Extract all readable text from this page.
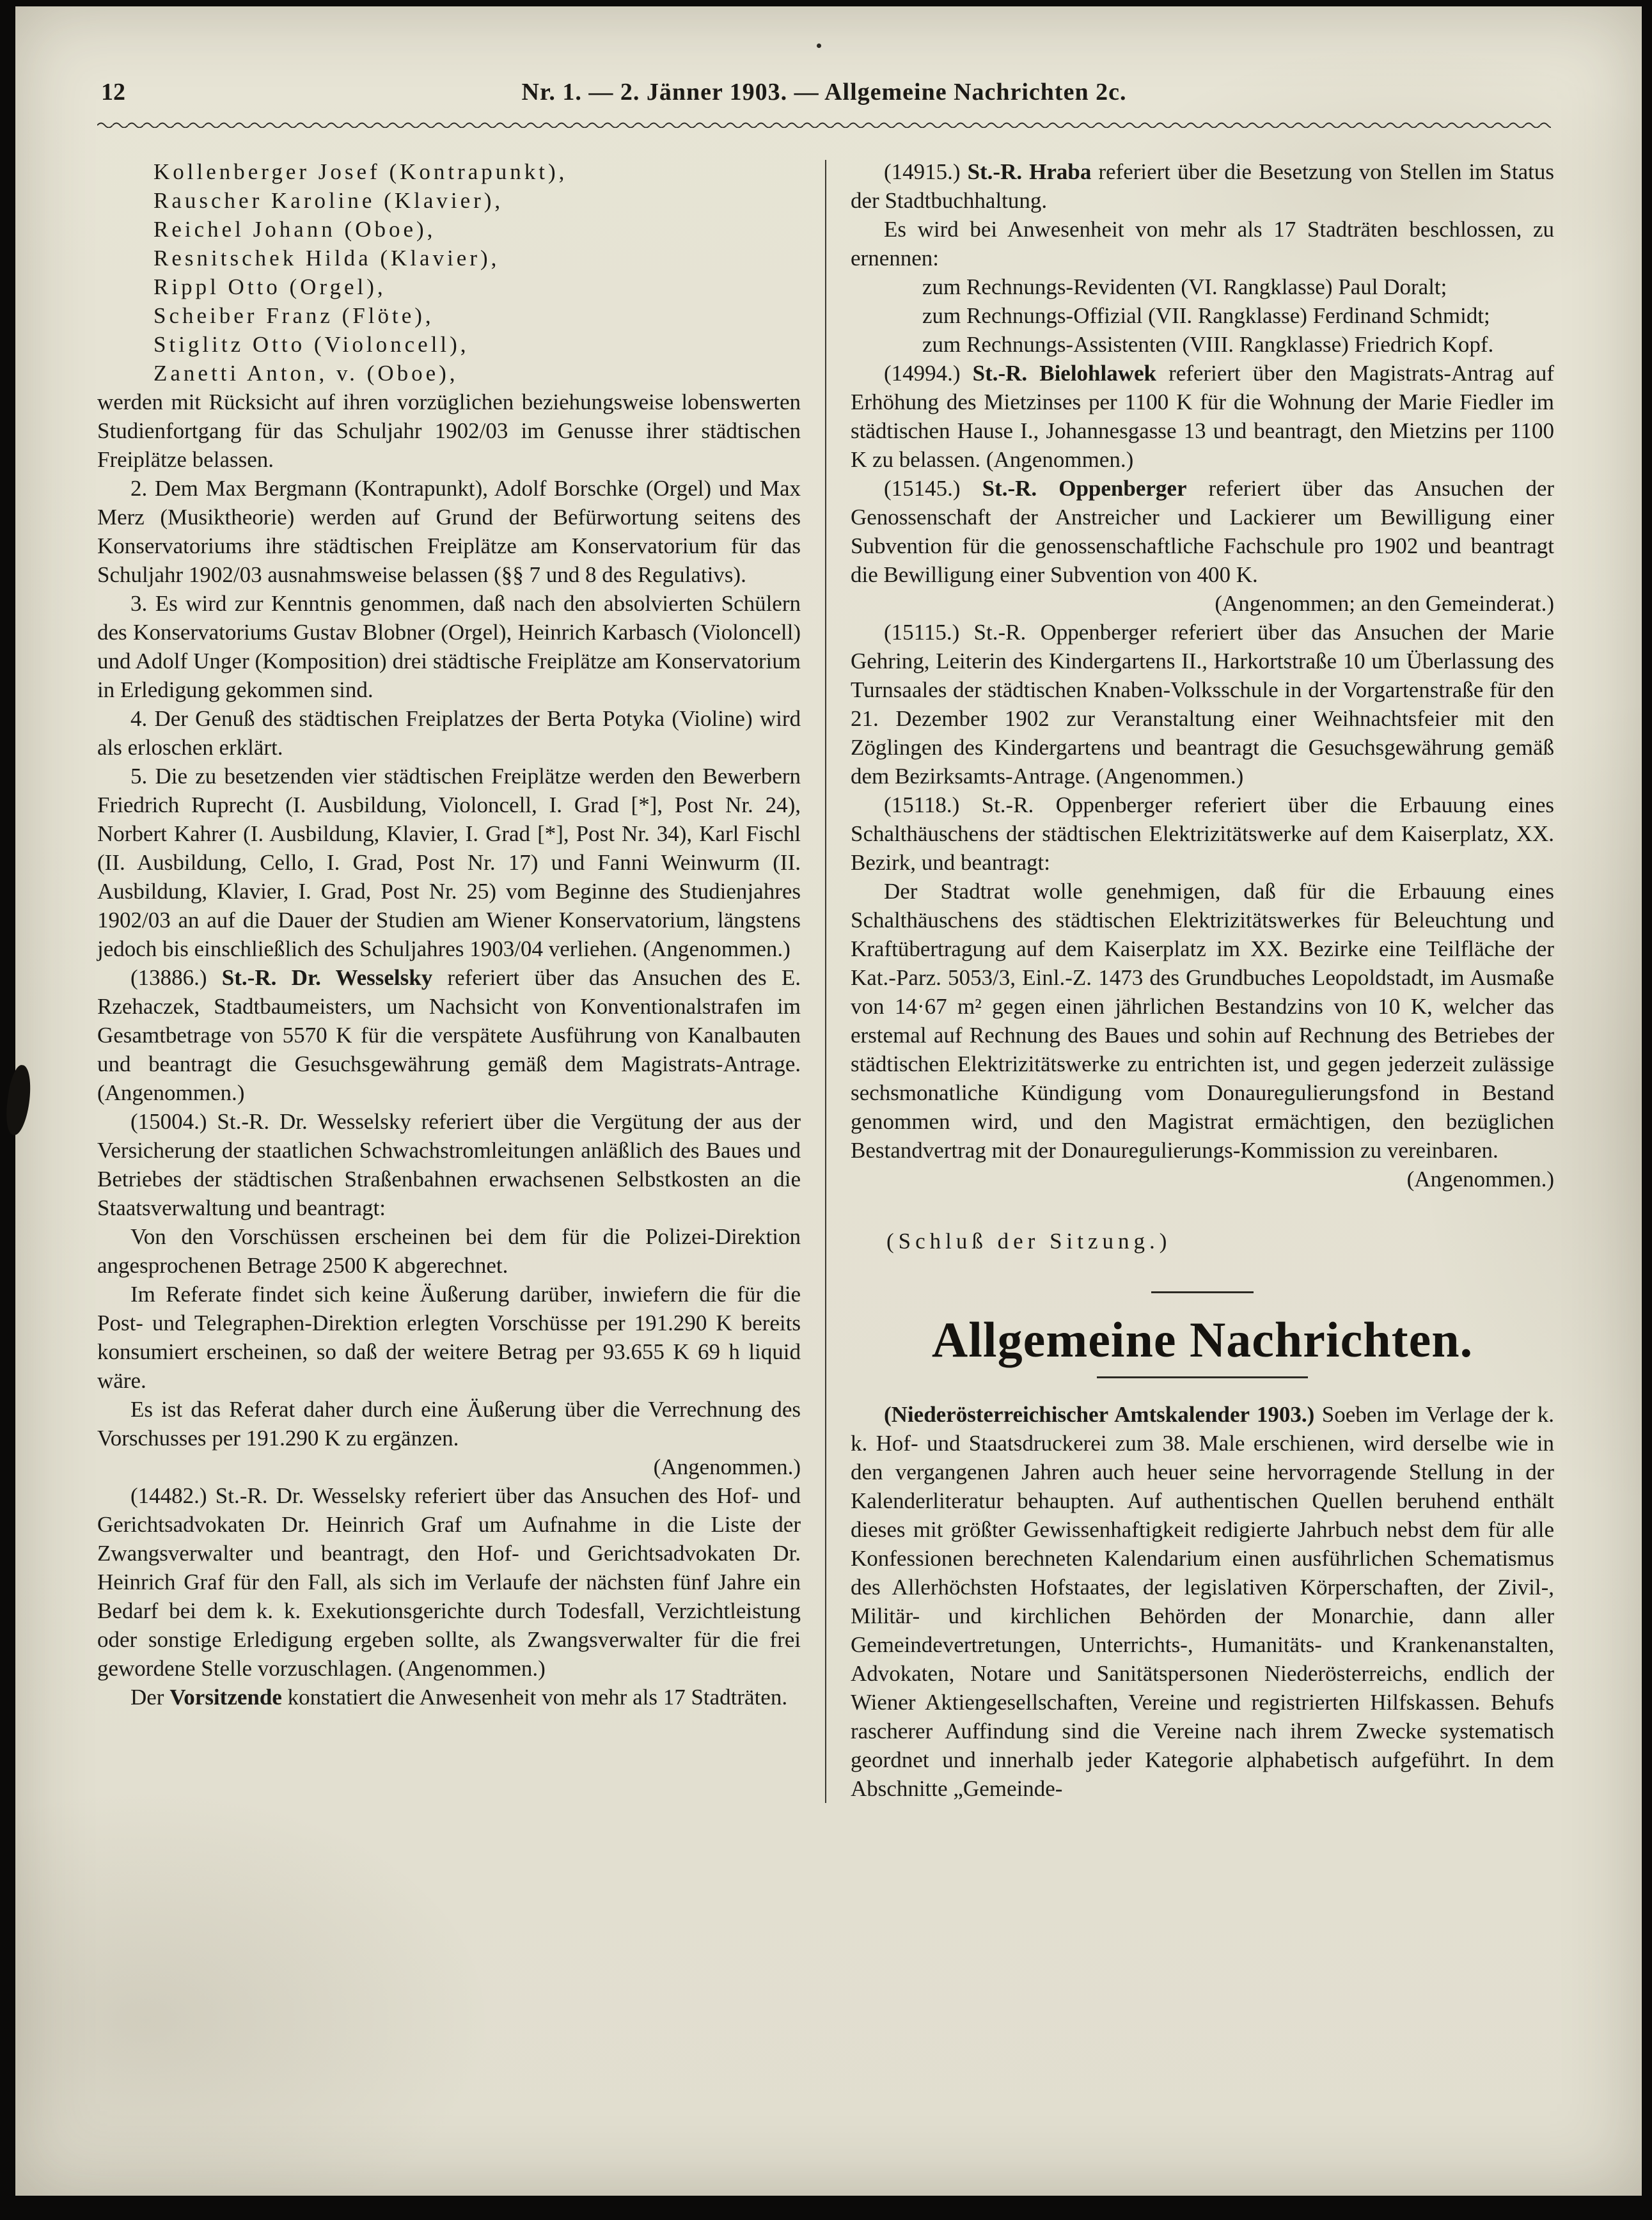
12	Nr. 1. — 2. Jänner 1903. — Allgemeine Nachrichten 2c.

Kollenberger Josef (Kontrapunkt),

Rauscher Karoline (Klavier),

Reichel Johann (Oboe),

Resnitschek Hilda (Klavier),

Rippl Otto (Orgel),

Scheiber Franz (Flöte),

Stiglitz Otto (Violoncell),

Zanetti Anton, v. (Oboe),

werden mit Rücksicht auf ihren vorzüglichen beziehungsweise lobenswerten Studienfortgang für das Schuljahr 1902/03 im Genusse ihrer städtischen Freiplätze belassen.

2. Dem Max Bergmann (Kontrapunkt), Adolf Borschke (Orgel) und Max Merz (Musiktheorie) werden auf Grund der Befürwortung seitens des Konservatoriums ihre städtischen Freiplätze am Konservatorium für das Schuljahr 1902/03 ausnahmsweise belassen (§§ 7 und 8 des Regulativs).

3. Es wird zur Kenntnis genommen, daß nach den absolvierten Schülern des Konservatoriums Gustav Blobner (Orgel), Heinrich Karbasch (Violoncell) und Adolf Unger (Komposition) drei städtische Freiplätze am Konservatorium in Erledigung gekommen sind.

4. Der Genuß des städtischen Freiplatzes der Berta Potyka (Violine) wird als erloschen erklärt.

5. Die zu besetzenden vier städtischen Freiplätze werden den Bewerbern Friedrich Ruprecht (I. Ausbildung, Violoncell, I. Grad [*], Post Nr. 24), Norbert Kahrer (I. Ausbildung, Klavier, I. Grad [*], Post Nr. 34), Karl Fischl (II. Ausbildung, Cello, I. Grad, Post Nr. 17) und Fanni Weinwurm (II. Ausbildung, Klavier, I. Grad, Post Nr. 25) vom Beginne des Studienjahres 1902/03 an auf die Dauer der Studien am Wiener Konservatorium, längstens jedoch bis einschließlich des Schuljahres 1903/04 verliehen. (Angenommen.)

(13886.) St.-R. Dr. Wesselsky referiert über das Ansuchen des E. Rzehaczek, Stadtbaumeisters, um Nachsicht von Konventionalstrafen im Gesamtbetrage von 5570 K für die verspätete Ausführung von Kanalbauten und beantragt die Gesuchsgewährung gemäß dem Magistrats-Antrage. (Angenommen.)

(15004.) St.-R. Dr. Wesselsky referiert über die Vergütung der aus der Versicherung der staatlichen Schwachstromleitungen anläßlich des Baues und Betriebes der städtischen Straßenbahnen erwachsenen Selbstkosten an die Staatsverwaltung und beantragt:

Von den Vorschüssen erscheinen bei dem für die Polizei-Direktion angesprochenen Betrage 2500 K abgerechnet.

Im Referate findet sich keine Äußerung darüber, inwiefern die für die Post- und Telegraphen-Direktion erlegten Vorschüsse per 191.290 K bereits konsumiert erscheinen, so daß der weitere Betrag per 93.655 K 69 h liquid wäre.

Es ist das Referat daher durch eine Äußerung über die Verrechnung des Vorschusses per 191.290 K zu ergänzen.

(Angenommen.)

(14482.) St.-R. Dr. Wesselsky referiert über das Ansuchen des Hof- und Gerichtsadvokaten Dr. Heinrich Graf um Aufnahme in die Liste der Zwangsverwalter und beantragt, den Hof- und Gerichtsadvokaten Dr. Heinrich Graf für den Fall, als sich im Verlaufe der nächsten fünf Jahre ein Bedarf bei dem k. k. Exekutionsgerichte durch Todesfall, Verzichtleistung oder sonstige Erledigung ergeben sollte, als Zwangsverwalter für die frei gewordene Stelle vorzuschlagen. (Angenommen.)

Der Vorsitzende konstatiert die Anwesenheit von mehr als 17 Stadträten.

(14915.) St.-R. Hraba referiert über die Besetzung von Stellen im Status der Stadtbuchhaltung.

Es wird bei Anwesenheit von mehr als 17 Stadträten beschlossen, zu ernennen:

zum Rechnungs-Revidenten (VI. Rangklasse) Paul Doralt;

zum Rechnungs-Offizial (VII. Rangklasse) Ferdinand Schmidt;

zum Rechnungs-Assistenten (VIII. Rangklasse) Friedrich Kopf.

(14994.) St.-R. Bielohlawek referiert über den Magistrats-Antrag auf Erhöhung des Mietzinses per 1100 K für die Wohnung der Marie Fiedler im städtischen Hause I., Johannesgasse 13 und beantragt, den Mietzins per 1100 K zu belassen. (Angenommen.)

(15145.) St.-R. Oppenberger referiert über das Ansuchen der Genossenschaft der Anstreicher und Lackierer um Bewilligung einer Subvention für die genossenschaftliche Fachschule pro 1902 und beantragt die Bewilligung einer Subvention von 400 K.

(Angenommen; an den Gemeinderat.)

(15115.) St.-R. Oppenberger referiert über das Ansuchen der Marie Gehring, Leiterin des Kindergartens II., Harkortstraße 10 um Überlassung des Turnsaales der städtischen Knaben-Volksschule in der Vorgartenstraße für den 21. Dezember 1902 zur Veranstaltung einer Weihnachtsfeier mit den Zöglingen des Kindergartens und beantragt die Gesuchsgewährung gemäß dem Bezirksamts-Antrage. (Angenommen.)

(15118.) St.-R. Oppenberger referiert über die Erbauung eines Schalthäuschens der städtischen Elektrizitätswerke auf dem Kaiserplatz, XX. Bezirk, und beantragt:

Der Stadtrat wolle genehmigen, daß für die Erbauung eines Schalthäuschens des städtischen Elektrizitätswerkes für Beleuchtung und Kraftübertragung auf dem Kaiserplatz im XX. Bezirke eine Teilfläche der Kat.-Parz. 5053/3, Einl.-Z. 1473 des Grundbuches Leopoldstadt, im Ausmaße von 14·67 m² gegen einen jährlichen Bestandzins von 10 K, welcher das erstemal auf Rechnung des Baues und sohin auf Rechnung des Betriebes der städtischen Elektrizitätswerke zu entrichten ist, und gegen jederzeit zulässige sechsmonatliche Kündigung vom Donauregulierungsfond in Bestand genommen wird, und den Magistrat ermächtigen, den bezüglichen Bestandvertrag mit der Donauregulierungs-Kommission zu vereinbaren.

(Angenommen.)

(Schluß der Sitzung.)

Allgemeine Nachrichten.

(Niederösterreichischer Amtskalender 1903.) Soeben im Verlage der k. k. Hof- und Staatsdruckerei zum 38. Male erschienen, wird derselbe wie in den vergangenen Jahren auch heuer seine hervorragende Stellung in der Kalenderliteratur behaupten. Auf authentischen Quellen beruhend enthält dieses mit größter Gewissenhaftigkeit redigierte Jahrbuch nebst dem für alle Konfessionen berechneten Kalendarium einen ausführlichen Schematismus des Allerhöchsten Hofstaates, der legislativen Körperschaften, der Zivil-, Militär- und kirchlichen Behörden der Monarchie, dann aller Gemeindevertretungen, Unterrichts-, Humanitäts- und Krankenanstalten, Advokaten, Notare und Sanitätspersonen Niederösterreichs, endlich der Wiener Aktiengesellschaften, Vereine und registrierten Hilfskassen. Behufs rascherer Auffindung sind die Vereine nach ihrem Zwecke systematisch geordnet und innerhalb jeder Kategorie alphabetisch aufgeführt. In dem Abschnitte „Gemeinde-
